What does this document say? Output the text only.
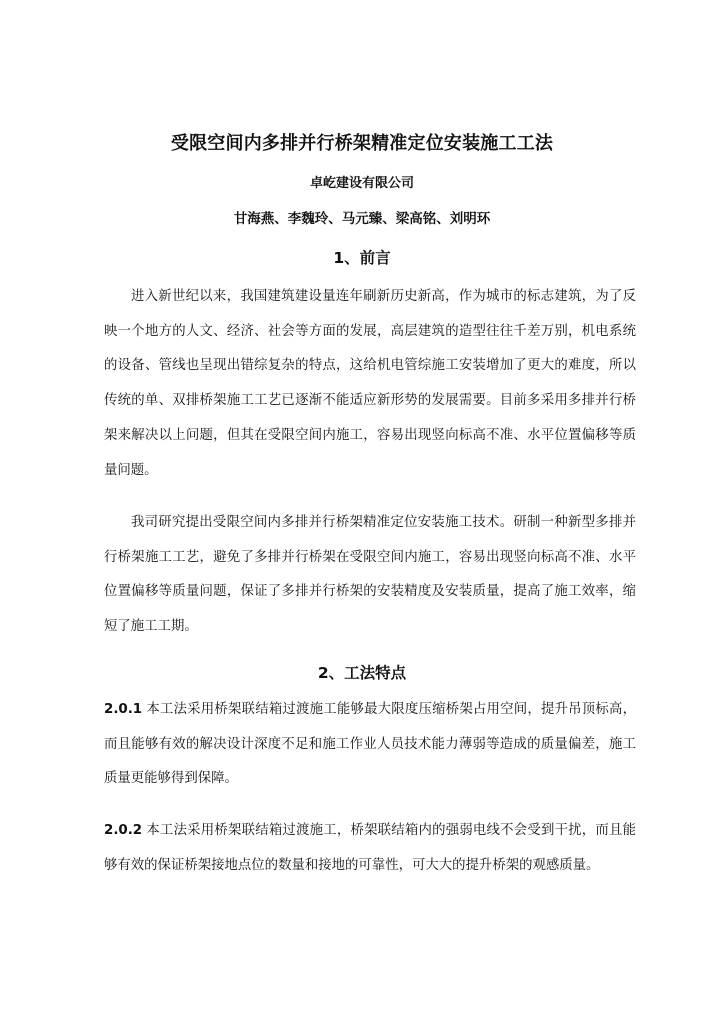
受限空间内多排并行桥架精准定位安装施工工法
卓屹建设有限公司
甘海燕、李魏玲、马元臻、梁高铭、刘明环
1、前言

进入新世纪以来，我国建筑建设量连年刷新历史新高，作为城市的标志建筑，为了反映一个地方的人文、经济、社会等方面的发展，高层建筑的造型往往千差万别，机电系统的设备、管线也呈现出错综复杂的特点，这给机电管综施工安装增加了更大的难度，所以传统的单、双排桥架施工工艺已逐渐不能适应新形势的发展需要。目前多采用多排并行桥架来解决以上问题，但其在受限空间内施工，容易出现竖向标高不准、水平位置偏移等质量问题。

我司研究提出受限空间内多排并行桥架精准定位安装施工技术。研制一种新型多排并行桥架施工工艺，避免了多排并行桥架在受限空间内施工，容易出现竖向标高不准、水平位置偏移等质量问题，保证了多排并行桥架的安装精度及安装质量，提高了施工效率，缩短了施工工期。

2、工法特点

2.0.1 本工法采用桥架联结箱过渡施工能够最大限度压缩桥架占用空间，提升吊顶标高，而且能够有效的解决设计深度不足和施工作业人员技术能力薄弱等造成的质量偏差，施工质量更能够得到保障。

2.0.2 本工法采用桥架联结箱过渡施工，桥架联结箱内的强弱电线不会受到干扰，而且能够有效的保证桥架接地点位的数量和接地的可靠性，可大大的提升桥架的观感质量。
